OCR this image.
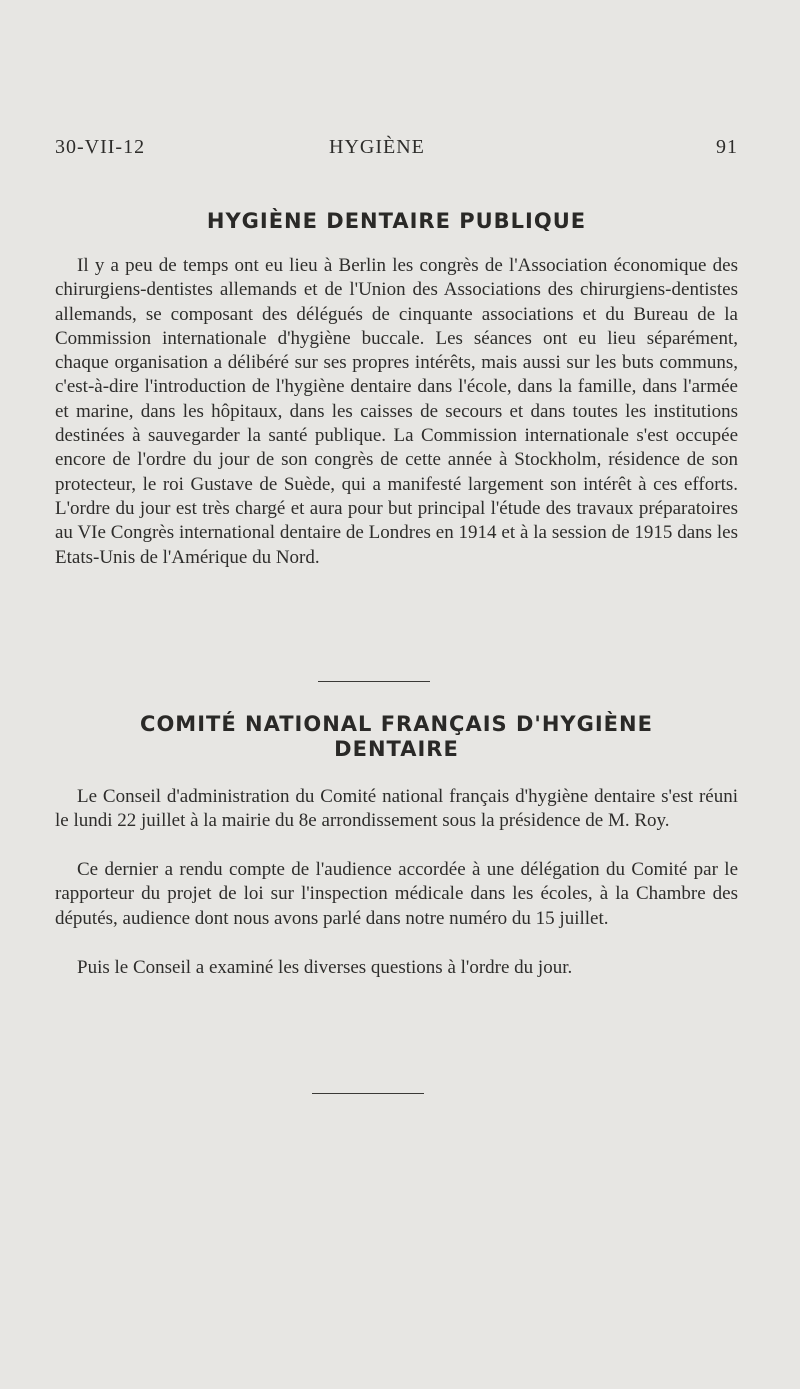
30-VII-12	HYGIÈNE	91
HYGIÈNE DENTAIRE PUBLIQUE

Il y a peu de temps ont eu lieu à Berlin les congrès de l'Association économique des chirurgiens-dentistes allemands et de l'Union des Associations des chirurgiens-dentistes allemands, se composant des délégués de cinquante associations et du Bureau de la Commission internationale d'hygiène buccale. Les séances ont eu lieu séparément, chaque organisation a délibéré sur ses propres intérêts, mais aussi sur les buts communs, c'est-à-dire l'introduction de l'hygiène dentaire dans l'école, dans la famille, dans l'armée et marine, dans les hôpitaux, dans les caisses de secours et dans toutes les institutions destinées à sauvegarder la santé publique. La Commission internationale s'est occupée encore de l'ordre du jour de son congrès de cette année à Stockholm, résidence de son protecteur, le roi Gustave de Suède, qui a manifesté largement son intérêt à ces efforts. L'ordre du jour est très chargé et aura pour but principal l'étude des travaux préparatoires au VIe Congrès international dentaire de Londres en 1914 et à la session de 1915 dans les Etats-Unis de l'Amérique du Nord.

COMITÉ NATIONAL FRANÇAIS D'HYGIÈNE
DENTAIRE

Le Conseil d'administration du Comité national français d'hygiène dentaire s'est réuni le lundi 22 juillet à la mairie du 8e arrondissement sous la présidence de M. Roy.

Ce dernier a rendu compte de l'audience accordée à une délégation du Comité par le rapporteur du projet de loi sur l'inspection médicale dans les écoles, à la Chambre des députés, audience dont nous avons parlé dans notre numéro du 15 juillet.

Puis le Conseil a examiné les diverses questions à l'ordre du jour.
